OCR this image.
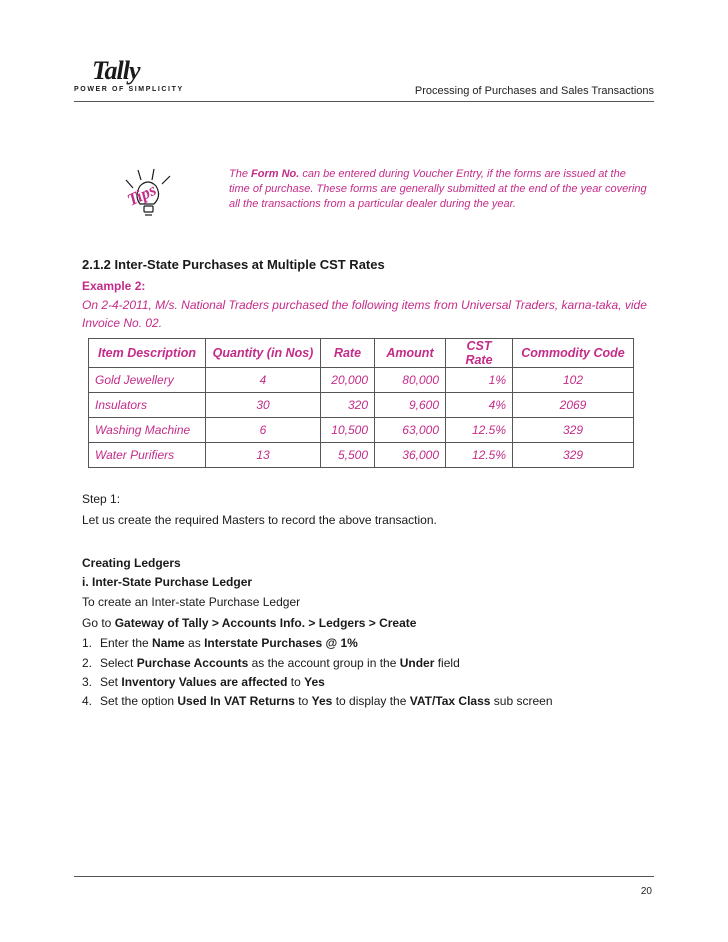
Tally
POWER OF SIMPLICITY	Processing of Purchases and Sales Transactions
Tips
The Form No. can be entered during Voucher Entry, if the forms are issued at the time of purchase. These forms are generally submitted at the end of the year covering all the transactions from a particular dealer during the year.
2.1.2 Inter-State Purchases at Multiple CST Rates
Example 2:
On 2-4-2011, M/s. National Traders purchased the following items from Universal Traders, karna-taka, vide Invoice No. 02.
Item Description	Quantity (in Nos)	Rate	Amount	CST Rate	Commodity Code
Gold Jewellery	4	20,000	80,000	1%	102
Insulators	30	320	9,600	4%	2069
Washing Machine	6	10,500	63,000	12.5%	329
Water Purifiers	13	5,500	36,000	12.5%	329
Step 1:
Let us create the required Masters to record the above transaction.
Creating Ledgers
i. Inter-State Purchase Ledger
To create an Inter-state Purchase Ledger
Go to Gateway of Tally > Accounts Info. > Ledgers > Create
1. Enter the Name as Interstate Purchases @ 1%
2. Select Purchase Accounts as the account group in the Under field
3. Set Inventory Values are affected to Yes
4. Set the option Used In VAT Returns to Yes to display the VAT/Tax Class sub screen
20
